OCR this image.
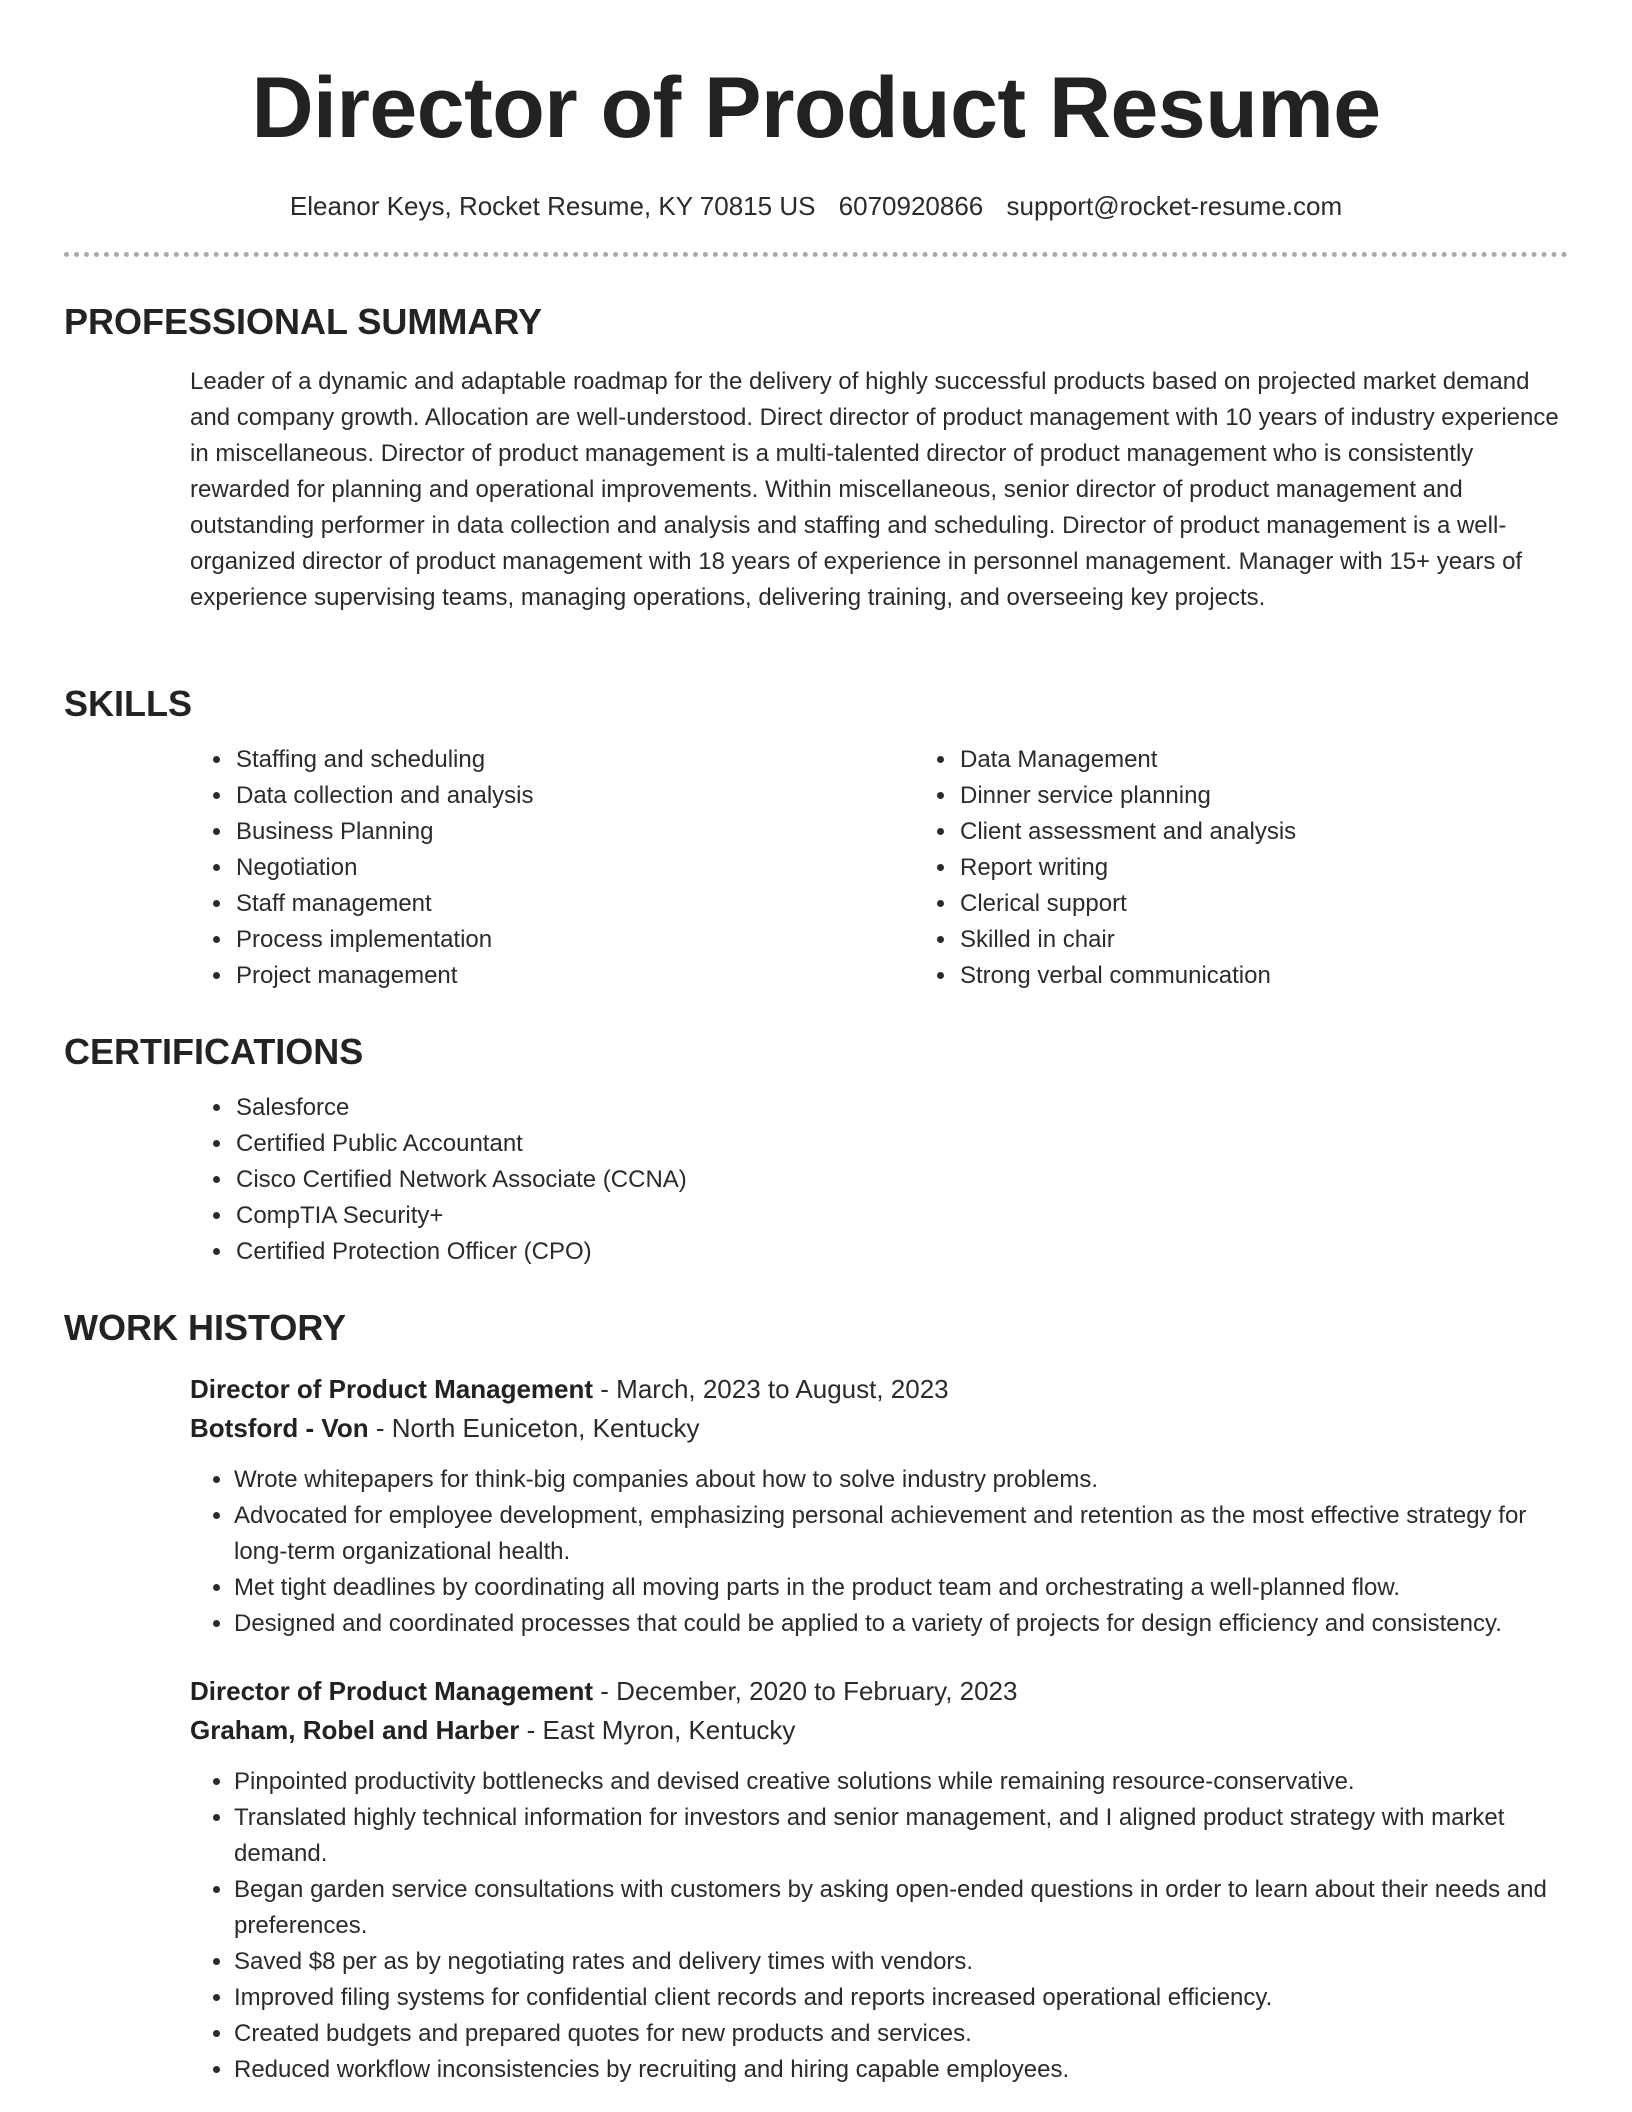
Director of Product Resume
Eleanor Keys, Rocket Resume, KY 70815 US 6070920866 support@rocket-resume.com
PROFESSIONAL SUMMARY

Leader of a dynamic and adaptable roadmap for the delivery of highly successful products based on projected market demand and company growth. Allocation are well-understood. Direct director of product management with 10 years of industry experience in miscellaneous. Director of product management is a multi-talented director of product management who is consistently rewarded for planning and operational improvements. Within miscellaneous, senior director of product management and outstanding performer in data collection and analysis and staffing and scheduling. Director of product management is a well-organized director of product management with 18 years of experience in personnel management. Manager with 15+ years of experience supervising teams, managing operations, delivering training, and overseeing key projects.

SKILLS
• Staffing and scheduling
• Data collection and analysis
• Business Planning
• Negotiation
• Staff management
• Process implementation
• Project management
• Data Management
• Dinner service planning
• Client assessment and analysis
• Report writing
• Clerical support
• Skilled in chair
• Strong verbal communication
CERTIFICATIONS
• Salesforce
• Certified Public Accountant
• Cisco Certified Network Associate (CCNA)
• CompTIA Security+
• Certified Protection Officer (CPO)
WORK HISTORY
Director of Product Management - March, 2023 to August, 2023
Botsford - Von - North Euniceton, Kentucky
• Wrote whitepapers for think-big companies about how to solve industry problems.
• Advocated for employee development, emphasizing personal achievement and retention as the most effective strategy for long-term organizational health.
• Met tight deadlines by coordinating all moving parts in the product team and orchestrating a well-planned flow.
• Designed and coordinated processes that could be applied to a variety of projects for design efficiency and consistency.
Director of Product Management - December, 2020 to February, 2023
Graham, Robel and Harber - East Myron, Kentucky
• Pinpointed productivity bottlenecks and devised creative solutions while remaining resource-conservative.
• Translated highly technical information for investors and senior management, and I aligned product strategy with market demand.
• Began garden service consultations with customers by asking open-ended questions in order to learn about their needs and preferences.
• Saved $8 per as by negotiating rates and delivery times with vendors.
• Improved filing systems for confidential client records and reports increased operational efficiency.
• Created budgets and prepared quotes for new products and services.
• Reduced workflow inconsistencies by recruiting and hiring capable employees.
